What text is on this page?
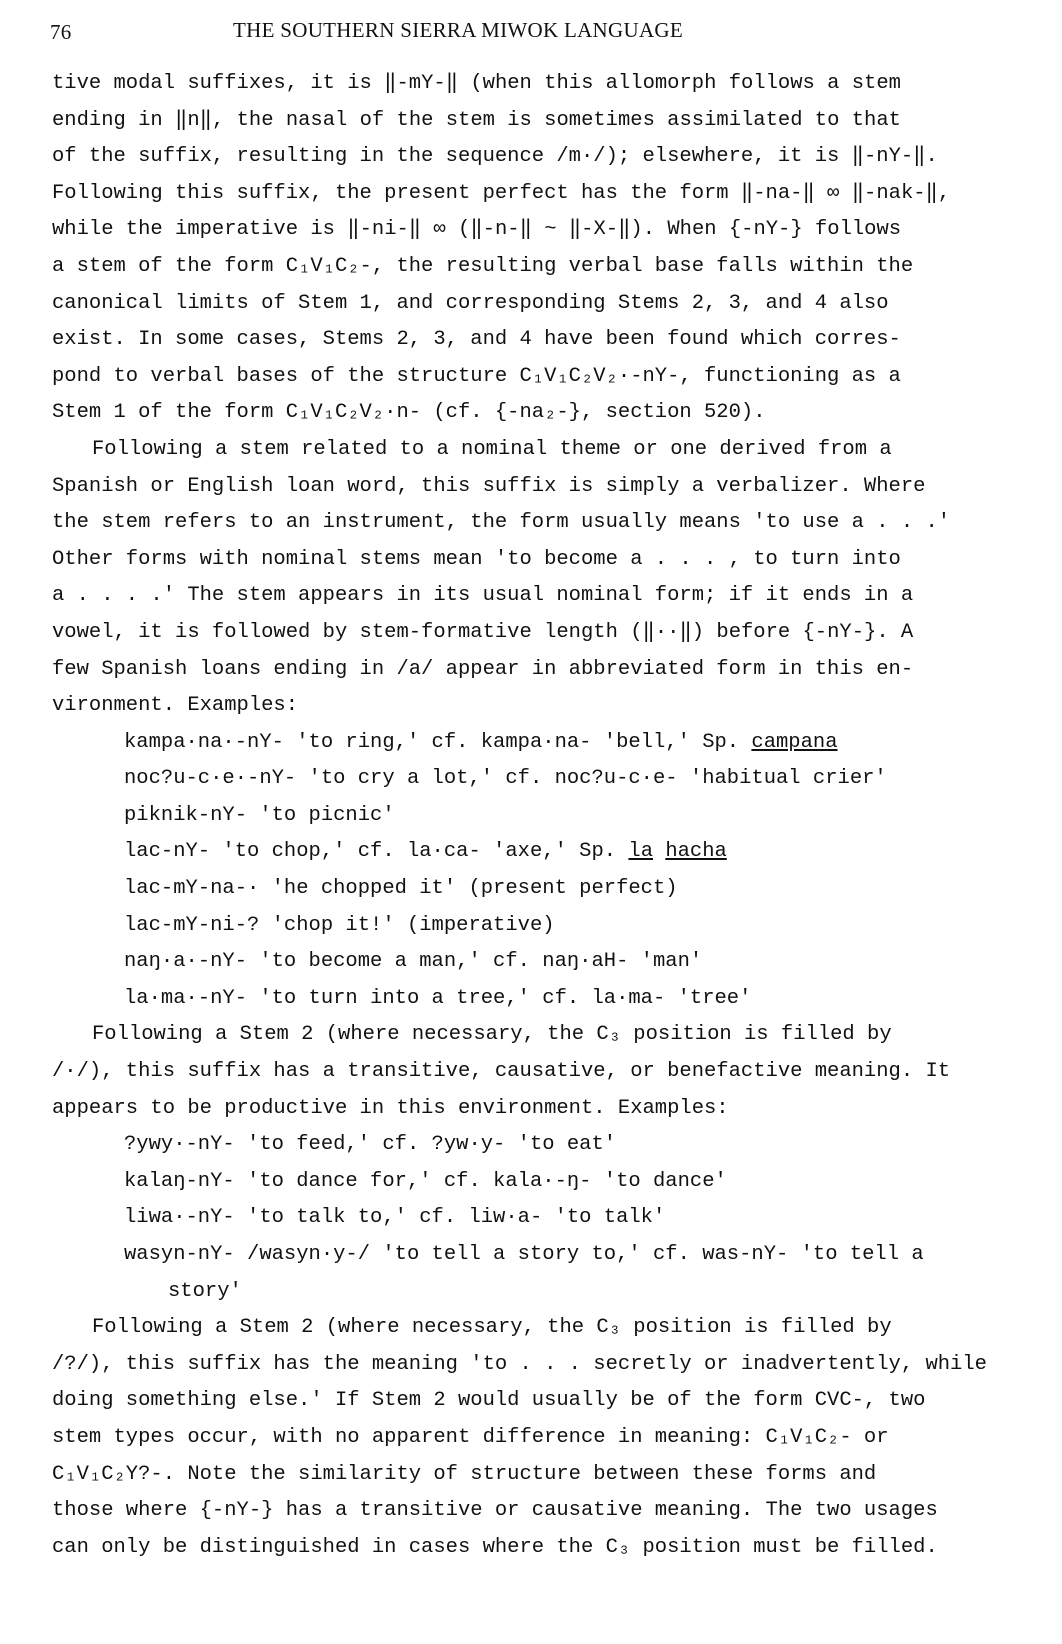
76	THE SOUTHERN SIERRA MIWOK LANGUAGE
tive modal suffixes, it is ‖-mY-‖ (when this allomorph follows a stem
ending in ‖n‖, the nasal of the stem is sometimes assimilated to that
of the suffix, resulting in the sequence /m·/); elsewhere, it is ‖-nY-‖.
Following this suffix, the present perfect has the form ‖-na-‖ ∞ ‖-nak-‖,
while the imperative is ‖-ni-‖ ∞ (‖-n-‖ ~ ‖-X-‖). When {-nY-} follows
a stem of the form C₁V₁C₂-, the resulting verbal base falls within the
canonical limits of Stem 1, and corresponding Stems 2, 3, and 4 also
exist. In some cases, Stems 2, 3, and 4 have been found which corres-
pond to verbal bases of the structure C₁V₁C₂V₂·-nY-, functioning as a
Stem 1 of the form C₁V₁C₂V₂·n- (cf. {-na₂-}, section 520).
Following a stem related to a nominal theme or one derived from a
Spanish or English loan word, this suffix is simply a verbalizer. Where
the stem refers to an instrument, the form usually means 'to use a . . .'
Other forms with nominal stems mean 'to become a . . . , to turn into
a . . . .' The stem appears in its usual nominal form; if it ends in a
vowel, it is followed by stem-formative length (‖··‖) before {-nY-}. A
few Spanish loans ending in /a/ appear in abbreviated form in this en-
vironment. Examples:
kampa·na·-nY- 'to ring,' cf. kampa·na- 'bell,' Sp. campana
noc?u-c·e·-nY- 'to cry a lot,' cf. noc?u-c·e- 'habitual crier'
piknik-nY- 'to picnic'
lac-nY- 'to chop,' cf. la·ca- 'axe,' Sp. la hacha
lac-mY-na-· 'he chopped it' (present perfect)
lac-mY-ni-? 'chop it!' (imperative)
naŋ·a·-nY- 'to become a man,' cf. naŋ·aH- 'man'
la·ma·-nY- 'to turn into a tree,' cf. la·ma- 'tree'
Following a Stem 2 (where necessary, the C₃ position is filled by
/·/), this suffix has a transitive, causative, or benefactive meaning. It
appears to be productive in this environment. Examples:
?ywy·-nY- 'to feed,' cf. ?yw·y- 'to eat'
kalaŋ-nY- 'to dance for,' cf. kala·-ŋ- 'to dance'
liwa·-nY- 'to talk to,' cf. liw·a- 'to talk'
wasyn-nY- /wasyn·y-/ 'to tell a story to,' cf. was-nY- 'to tell a
story'
Following a Stem 2 (where necessary, the C₃ position is filled by
/?/), this suffix has the meaning 'to . . . secretly or inadvertently, while
doing something else.' If Stem 2 would usually be of the form CVC-, two
stem types occur, with no apparent difference in meaning: C₁V₁C₂- or
C₁V₁C₂Y?-. Note the similarity of structure between these forms and
those where {-nY-} has a transitive or causative meaning. The two usages
can only be distinguished in cases where the C₃ position must be filled.
